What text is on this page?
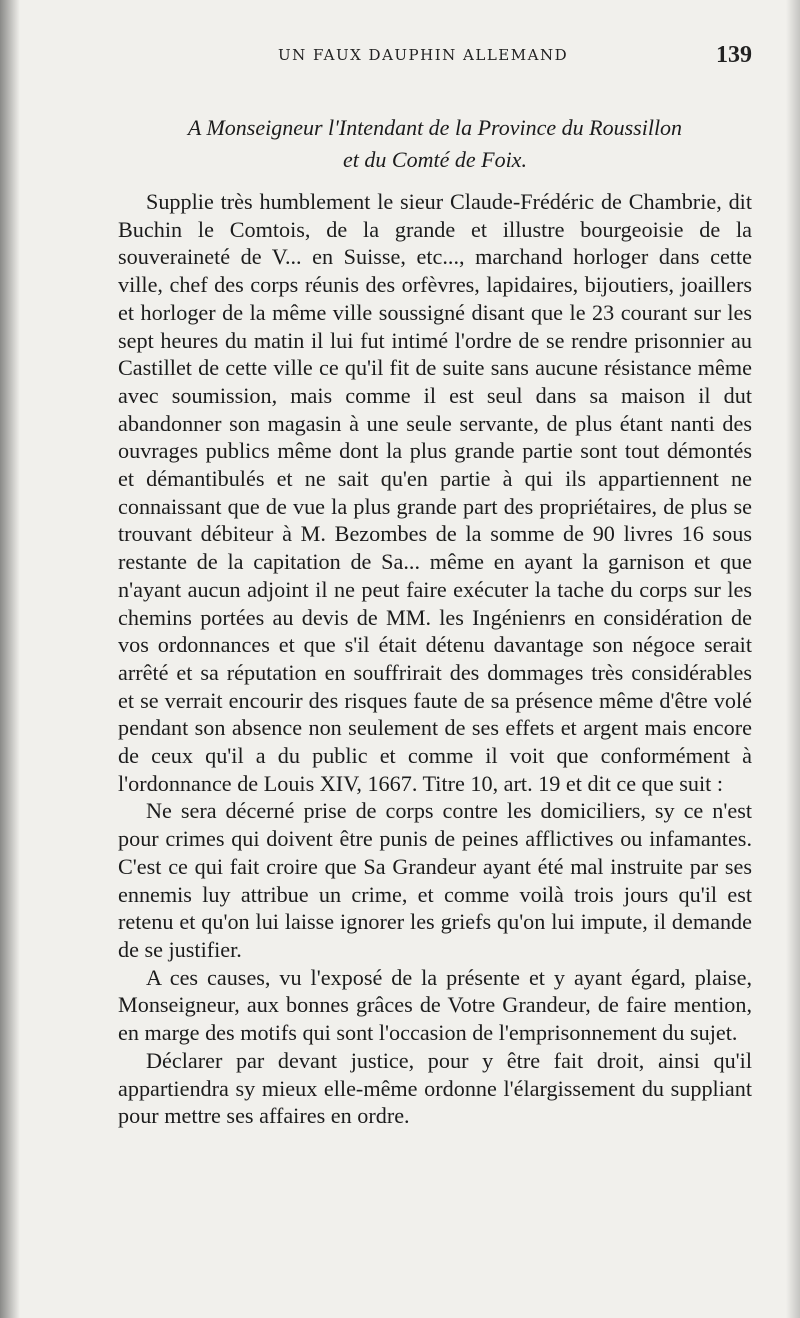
UN FAUX DAUPHIN ALLEMAND	139
A Monseigneur l'Intendant de la Province du Roussillon
et du Comté de Foix.

Supplie très humblement le sieur Claude-Frédéric de Chambrie, dit Buchin le Comtois, de la grande et illustre bourgeoisie de la souveraineté de V... en Suisse, etc..., marchand horloger dans cette ville, chef des corps réunis des orfèvres, lapidaires, bijoutiers, joaillers et horloger de la même ville soussigné disant que le 23 courant sur les sept heures du matin il lui fut intimé l'ordre de se rendre prisonnier au Castillet de cette ville ce qu'il fit de suite sans aucune résistance même avec soumission, mais comme il est seul dans sa maison il dut abandonner son magasin à une seule servante, de plus étant nanti des ouvrages publics même dont la plus grande partie sont tout démontés et démantibulés et ne sait qu'en partie à qui ils appartiennent ne connaissant que de vue la plus grande part des propriétaires, de plus se trouvant débiteur à M. Bezombes de la somme de 90 livres 16 sous restante de la capitation de Sa... même en ayant la garnison et que n'ayant aucun adjoint il ne peut faire exécuter la tache du corps sur les chemins portées au devis de MM. les Ingénienrs en considération de vos ordonnances et que s'il était détenu davantage son négoce serait arrêté et sa réputation en souffrirait des dommages très considérables et se verrait encourir des risques faute de sa présence même d'être volé pendant son absence non seulement de ses effets et argent mais encore de ceux qu'il a du public et comme il voit que conformément à l'ordonnance de Louis XIV, 1667. Titre 10, art. 19 et dit ce que suit :

Ne sera décerné prise de corps contre les domiciliers, sy ce n'est pour crimes qui doivent être punis de peines afflictives ou infamantes. C'est ce qui fait croire que Sa Grandeur ayant été mal instruite par ses ennemis luy attribue un crime, et comme voilà trois jours qu'il est retenu et qu'on lui laisse ignorer les griefs qu'on lui impute, il demande de se justifier.

A ces causes, vu l'exposé de la présente et y ayant égard, plaise, Monseigneur, aux bonnes grâces de Votre Grandeur, de faire mention, en marge des motifs qui sont l'occasion de l'emprisonnement du sujet.

Déclarer par devant justice, pour y être fait droit, ainsi qu'il appartiendra sy mieux elle-même ordonne l'élargissement du suppliant pour mettre ses affaires en ordre.
